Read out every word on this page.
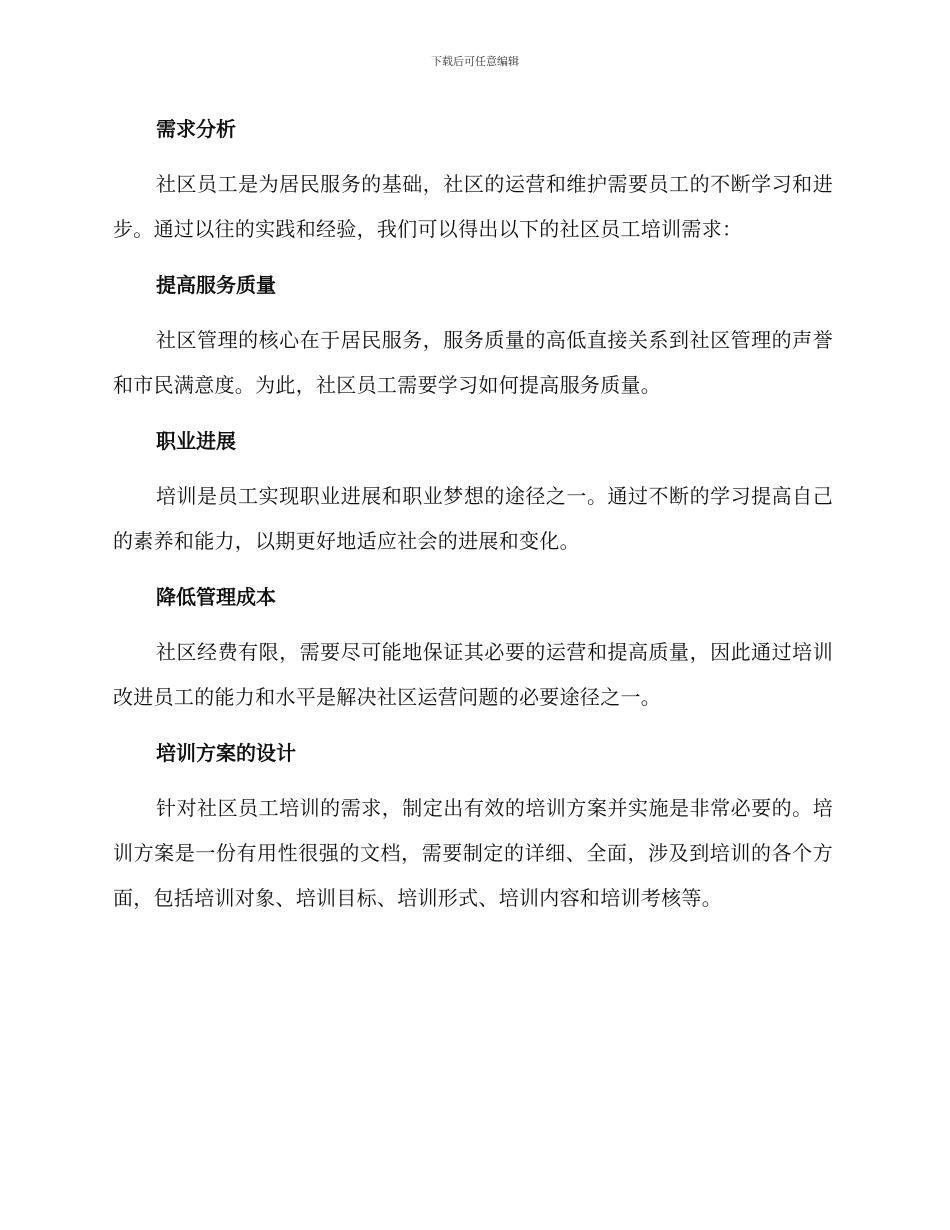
下载后可任意编辑
需求分析

社区员工是为居民服务的基础，社区的运营和维护需要员工的不断学习和进步。通过以往的实践和经验，我们可以得出以下的社区员工培训需求：

提高服务质量

社区管理的核心在于居民服务，服务质量的高低直接关系到社区管理的声誉和市民满意度。为此，社区员工需要学习如何提高服务质量。

职业进展

培训是员工实现职业进展和职业梦想的途径之一。通过不断的学习提高自己的素养和能力，以期更好地适应社会的进展和变化。

降低管理成本

社区经费有限，需要尽可能地保证其必要的运营和提高质量，因此通过培训改进员工的能力和水平是解决社区运营问题的必要途径之一。

培训方案的设计

针对社区员工培训的需求，制定出有效的培训方案并实施是非常必要的。培训方案是一份有用性很强的文档，需要制定的详细、全面，涉及到培训的各个方面，包括培训对象、培训目标、培训形式、培训内容和培训考核等。
